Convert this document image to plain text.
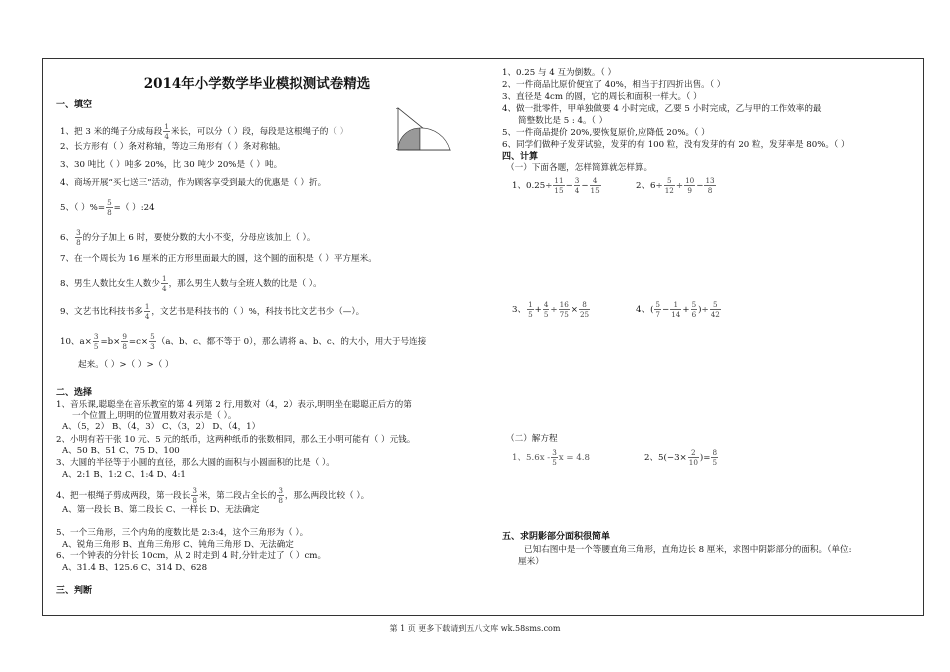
2014年小学数学毕业模拟测试卷精选
一、填空
1、把 3 米的绳子分成每段 $\frac{1}{4}$ 米长，可以分（ ）段，每段是这根绳子的（ ）
2、长方形有（ ）条对称轴，等边三角形有（ ）条对称轴。
3、30 吨比（ ）吨多 20%，比 30 吨少 20%是（ ）吨。
4、商场开展“买七送三”活动，作为顾客享受到最大的优惠是（ ）折。
5、（ ）%= $\frac{5}{8}$ =（ ）:24
6、 $\frac{3}{8}$ 的分子加上 6 时，要使分数的大小不变，分母应该加上（ ）。
7、在一个周长为 16 厘米的正方形里面最大的圆，这个圆的面积是（ ）平方厘米。
8、男生人数比女生人数少 $\frac{1}{4}$ ，那么男生人数与全班人数的比是（ ）。
9、文艺书比科技书多 $\frac{1}{4}$ ，文艺书是科技书的（ ）%，科技书比文艺书少（—）。
10、$a\times \frac{3}{5} =b\times \frac{9}{8} =c\times \frac{5}{3} (a$、b、c、都不等于 0），那么请将 a、b、c、的大小，用大于号连接
起来。（ ）>（ ）>（ ）
二、选择
1、音乐课,聪聪坐在音乐教室的第 4 列第 2 行,用数对（4，2）表示,明明坐在聪聪正后方的第
一个位置上,明明的位置用数对表示是（ ）。
A、（5，2） B、（4，3） C、（3，2） D、（4，1）
2、小明有若干张 10 元、5 元的纸币，这两种纸币的张数相同，那么王小明可能有（ ）元钱。
A、50 B、51 C、75 D、100
3、大圆的半径等于小圆的直径，那么大圆的面积与小圆面积的比是（ ）。
A、2:1 B、1:2 C、1:4 D、4:1
4、把一根绳子剪成两段，第一段长 $\frac{3}{8}$ 米，第二段占全长的 $\frac{3}{8}$ ，那么两段比较（ ）。
A、第一段长 B、第二段长 C、一样长 D、无法确定
5、一个三角形，三个内角的度数比是 2:3:4，这个三角形为（ ）。
A、锐角三角形 B、直角三角形 C、钝角三角形 D、无法确定
6、一个钟表的分针长 10cm，从 2 时走到 4 时,分针走过了（ ）cm。
A、31.4 B、125.6 C、314 D、628
三、判断
1、0.25 与 4 互为倒数。（ ）
2、一件商品比原价便宜了 40%，相当于打四折出售。（ ）
3、直径是 4cm 的圆，它的周长和面积一样大。（ ）
4、做一批零件，甲单独做要 4 小时完成，乙要 5 小时完成，乙与甲的工作效率的最
简整数比是 5 : 4。（ ）
5、一件商品提价 20%,要恢复原价,应降低 20%。（ ）
6、同学们做种子发芽试验，发芽的有 100 粒，没有发芽的有 20 粒，发芽率是 80%。（ ）
四、计算
（一）下面各题，怎样简算就怎样算。
1、$0.25\div \frac{11}{15} - \frac{3}{4} - \frac{4}{15}$	2、$6\div \frac{5}{12} \div \frac{10}{9} - \frac{13}{8}$
3、 $\frac{1}{5} + \frac{4}{5} \div \frac{16}{75} \times \frac{8}{25}$	4、( $\frac{5}{7} - \frac{1}{14} + \frac{5}{6}$ )÷ $\frac{5}{42}$
（二）解方程
1、$5.6x - \frac{3}{5}$ x = 4.8	2、$5(-3\times \frac{2}{10}$ )= $\frac{8}{5}$
五、求阴影部分面积很简单
已知右图中是一个等腰直角三角形，直角边长 8 厘米，求图中阴影部分的面积。（单位:
厘米）
第 1 页 更多下载请到五八文库 wk.58sms.com
